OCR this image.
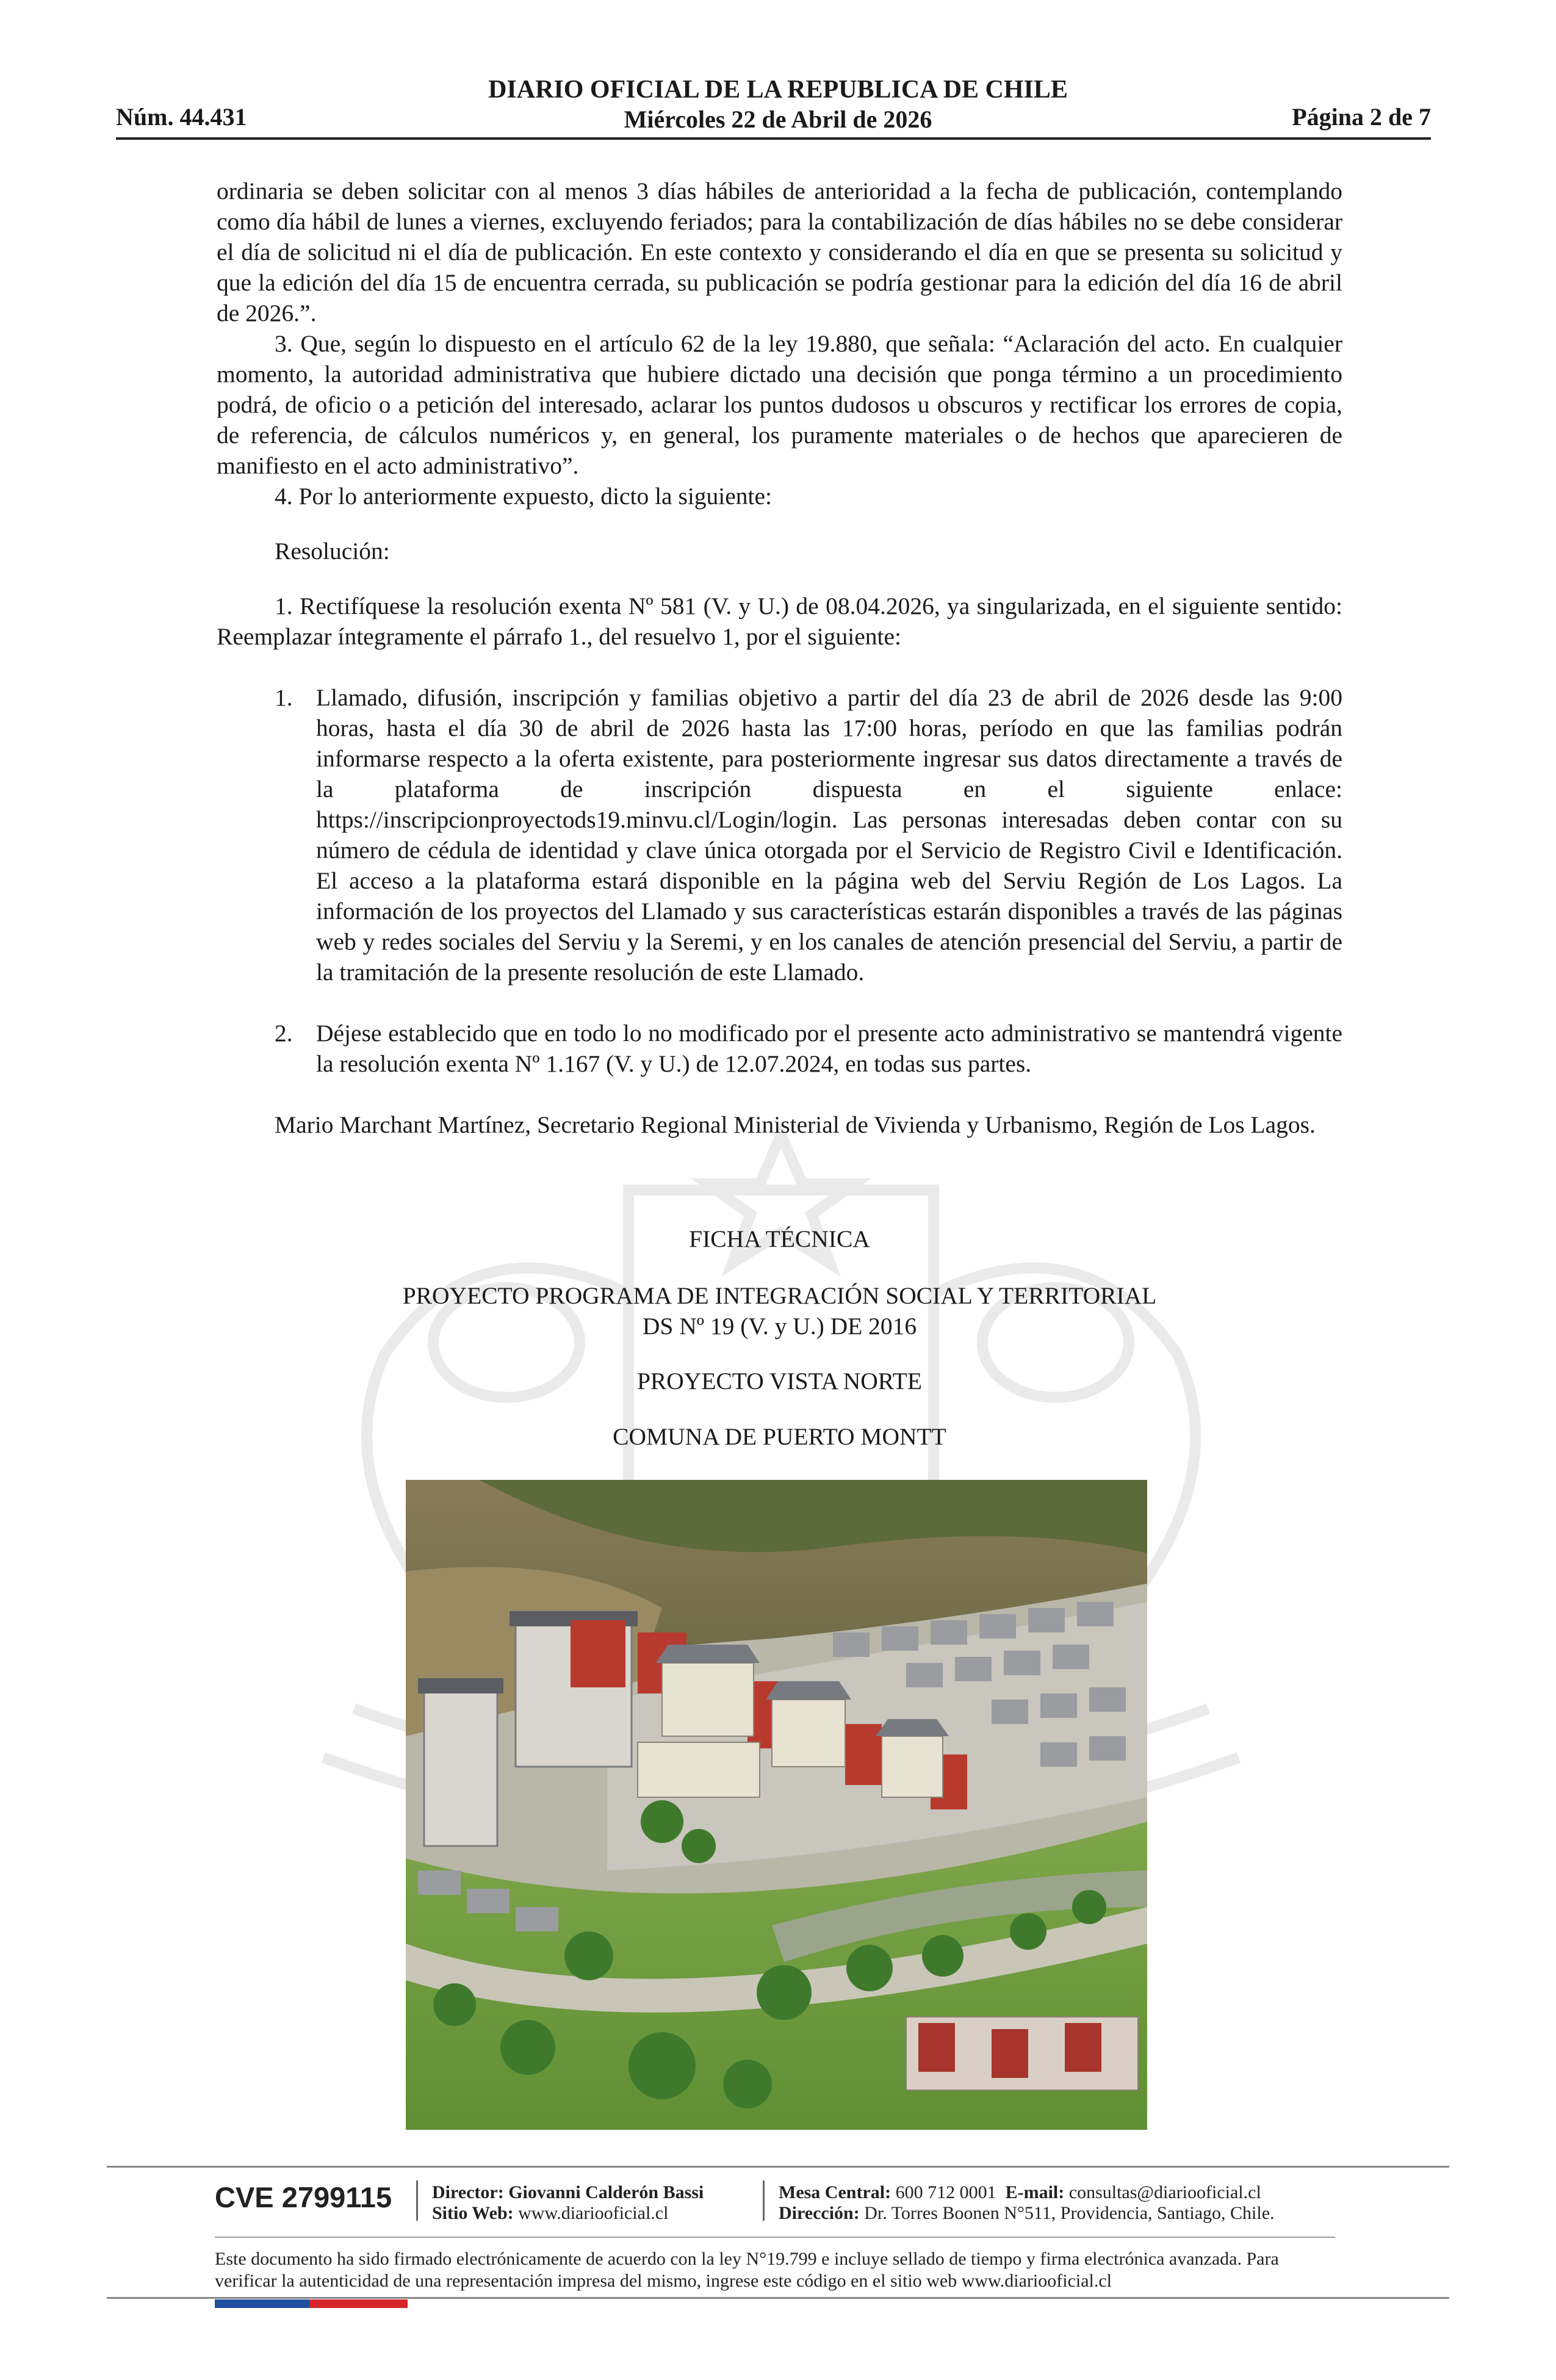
Núm. 44.431
DIARIO OFICIAL DE LA REPUBLICA DE CHILE
Miércoles 22 de Abril de 2026	Página 2 de 7

ordinaria se deben solicitar con al menos 3 días hábiles de anterioridad a la fecha de publicación, contemplando como día hábil de lunes a viernes, excluyendo feriados; para la contabilización de días hábiles no se debe considerar el día de solicitud ni el día de publicación. En este contexto y considerando el día en que se presenta su solicitud y que la edición del día 15 de encuentra cerrada, su publicación se podría gestionar para la edición del día 16 de abril de 2026.”.

3. Que, según lo dispuesto en el artículo 62 de la ley 19.880, que señala: “Aclaración del acto. En cualquier momento, la autoridad administrativa que hubiere dictado una decisión que ponga término a un procedimiento podrá, de oficio o a petición del interesado, aclarar los puntos dudosos u obscuros y rectificar los errores de copia, de referencia, de cálculos numéricos y, en general, los puramente materiales o de hechos que aparecieren de manifiesto en el acto administrativo”.

4. Por lo anteriormente expuesto, dicto la siguiente:

Resolución:

1. Rectifíquese la resolución exenta Nº 581 (V. y U.) de 08.04.2026, ya singularizada, en el siguiente sentido: Reemplazar íntegramente el párrafo 1., del resuelvo 1, por el siguiente:

1. Llamado, difusión, inscripción y familias objetivo a partir del día 23 de abril de 2026 desde las 9:00 horas, hasta el día 30 de abril de 2026 hasta las 17:00 horas, período en que las familias podrán informarse respecto a la oferta existente, para posteriormente ingresar sus datos directamente a través de la plataforma de inscripción dispuesta en el siguiente enlace: https://inscripcionproyectods19.minvu.cl/Login/login. Las personas interesadas deben contar con su número de cédula de identidad y clave única otorgada por el Servicio de Registro Civil e Identificación. El acceso a la plataforma estará disponible en la página web del Serviu Región de Los Lagos. La información de los proyectos del Llamado y sus características estarán disponibles a través de las páginas web y redes sociales del Serviu y la Seremi, y en los canales de atención presencial del Serviu, a partir de la tramitación de la presente resolución de este Llamado.
2. Déjese establecido que en todo lo no modificado por el presente acto administrativo se mantendrá vigente la resolución exenta Nº 1.167 (V. y U.) de 12.07.2024, en todas sus partes.

Mario Marchant Martínez, Secretario Regional Ministerial de Vivienda y Urbanismo, Región de Los Lagos.

FICHA TÉCNICA
PROYECTO PROGRAMA DE INTEGRACIÓN SOCIAL Y TERRITORIAL
DS Nº 19 (V. y U.) DE 2016
PROYECTO VISTA NORTE
COMUNA DE PUERTO MONTT
CVE 2799115 Director: Giovanni Calderón Bassi
Sitio Web: www.diariooficial.cl
Mesa Central: 600 712 0001 E-mail: consultas@diariooficial.cl
Dirección: Dr. Torres Boonen N°511, Providencia, Santiago, Chile.
Este documento ha sido firmado electrónicamente de acuerdo con la ley N°19.799 e incluye sellado de tiempo y firma electrónica avanzada. Para verificar la autenticidad de una representación impresa del mismo, ingrese este código en el sitio web www.diariooficial.cl
